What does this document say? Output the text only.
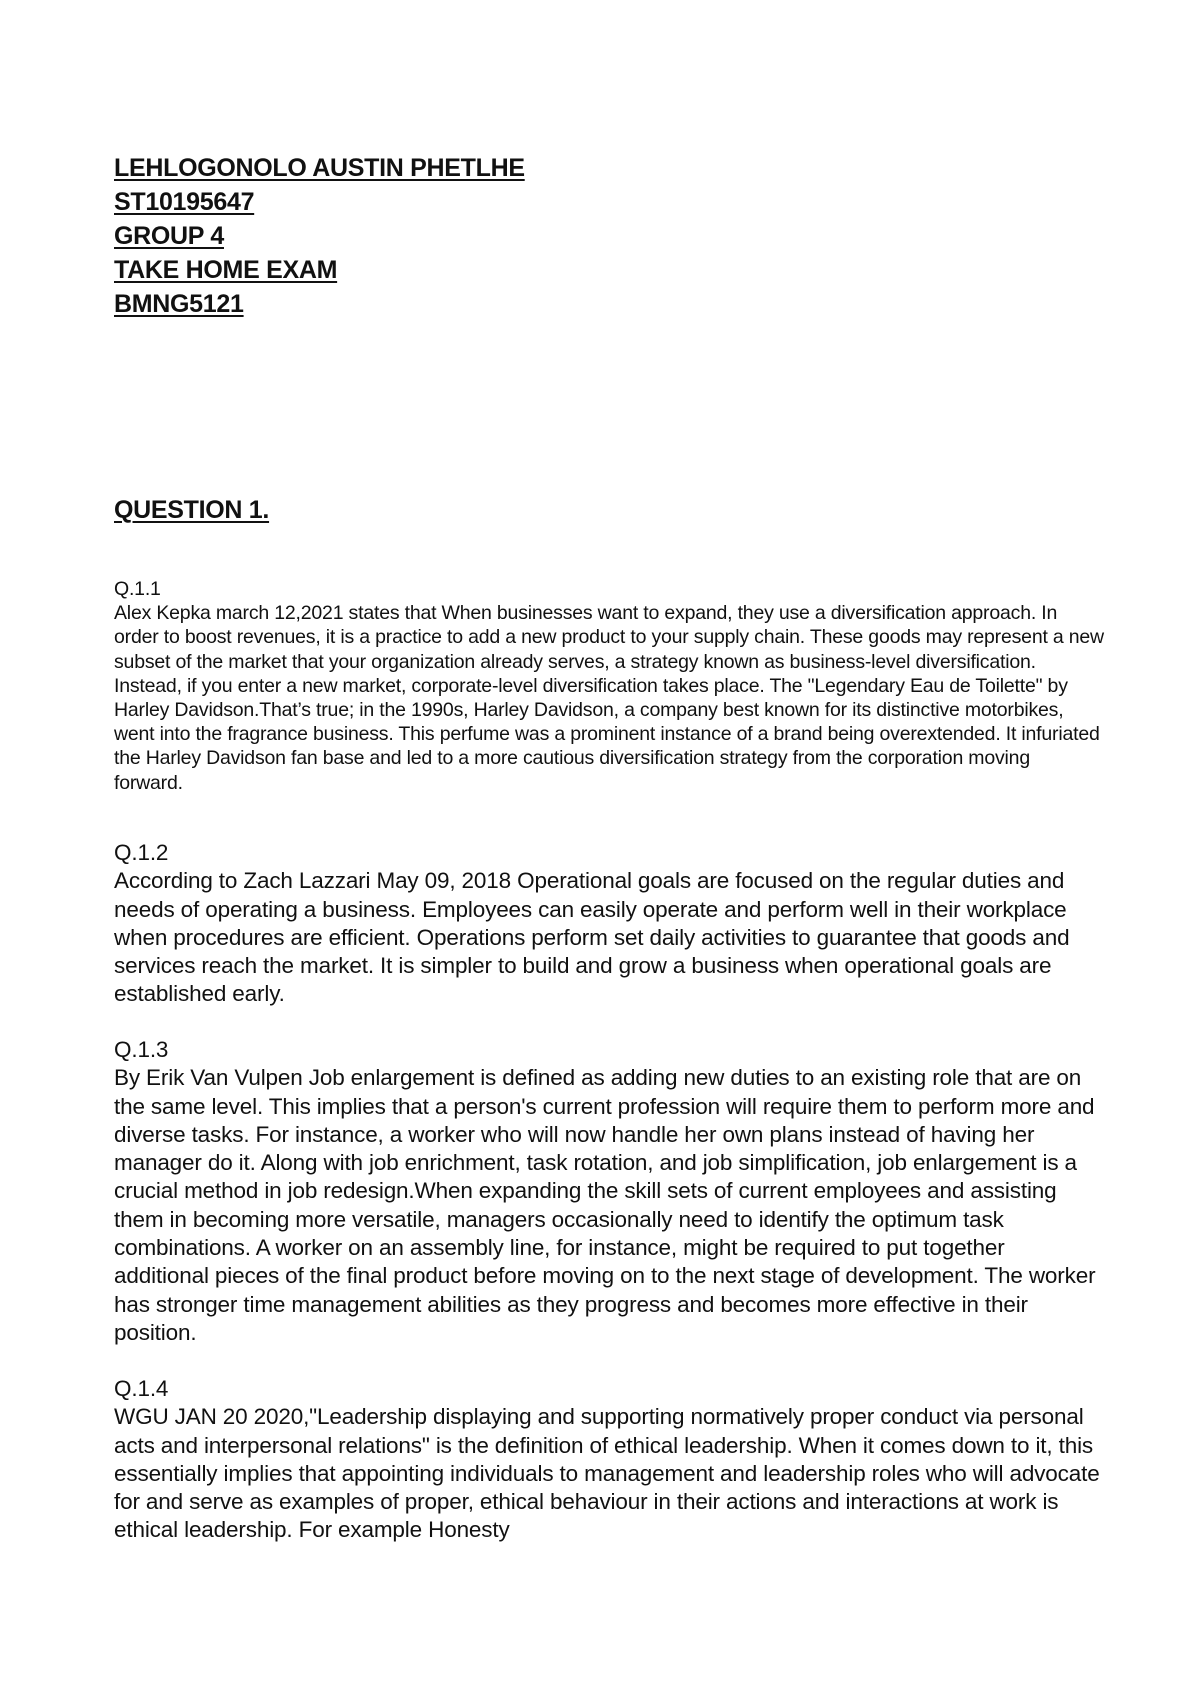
LEHLOGONOLO AUSTIN PHETLHE
ST10195647
GROUP 4
TAKE HOME EXAM
BMNG5121
QUESTION 1.
Q.1.1
Alex Kepka march 12,2021 states that When businesses want to expand, they use a diversification approach. In order to boost revenues, it is a practice to add a new product to your supply chain. These goods may represent a new subset of the market that your organization already serves, a strategy known as business-level diversification. Instead, if you enter a new market, corporate-level diversification takes place. The "Legendary Eau de Toilette" by Harley Davidson.That’s true; in the 1990s, Harley Davidson, a company best known for its distinctive motorbikes, went into the fragrance business. This perfume was a prominent instance of a brand being overextended. It infuriated the Harley Davidson fan base and led to a more cautious diversification strategy from the corporation moving forward.
Q.1.2
According to Zach Lazzari May 09, 2018 Operational goals are focused on the regular duties and needs of operating a business. Employees can easily operate and perform well in their workplace when procedures are efficient. Operations perform set daily activities to guarantee that goods and services reach the market. It is simpler to build and grow a business when operational goals are established early.
Q.1.3
By Erik Van Vulpen Job enlargement is defined as adding new duties to an existing role that are on the same level. This implies that a person's current profession will require them to perform more and diverse tasks. For instance, a worker who will now handle her own plans instead of having her manager do it. Along with job enrichment, task rotation, and job simplification, job enlargement is a crucial method in job redesign.When expanding the skill sets of current employees and assisting them in becoming more versatile, managers occasionally need to identify the optimum task combinations. A worker on an assembly line, for instance, might be required to put together additional pieces of the final product before moving on to the next stage of development. The worker has stronger time management abilities as they progress and becomes more effective in their position.
Q.1.4
WGU JAN 20 2020,"Leadership displaying and supporting normatively proper conduct via personal acts and interpersonal relations" is the definition of ethical leadership. When it comes down to it, this essentially implies that appointing individuals to management and leadership roles who will advocate for and serve as examples of proper, ethical behaviour in their actions and interactions at work is ethical leadership. For example Honesty
